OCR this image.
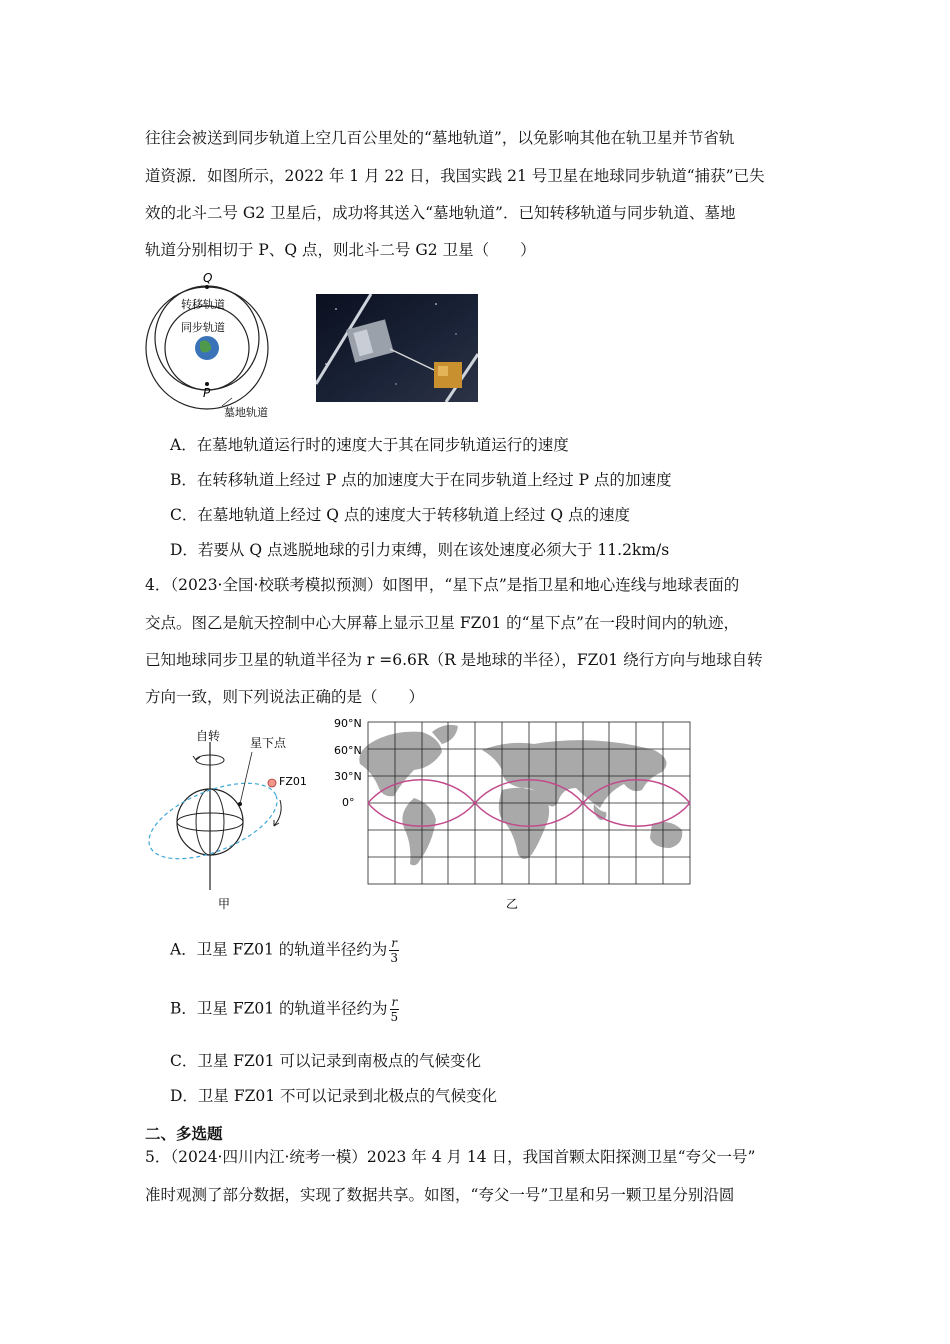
往往会被送到同步轨道上空几百公里处的“墓地轨道”，以免影响其他在轨卫星并节省轨
道资源．如图所示，2022 年 1 月 22 日，我国实践 21 号卫星在地球同步轨道“捕获”已失
效的北斗二号 G2 卫星后，成功将其送入“墓地轨道”．已知转移轨道与同步轨道、墓地
轨道分别相切于 P、Q 点，则北斗二号 G2 卫星（　　）
Q
P
转移轨道
同步轨道
墓地轨道
A．在墓地轨道运行时的速度大于其在同步轨道运行的速度
B．在转移轨道上经过 P 点的加速度大于在同步轨道上经过 P 点的加速度
C．在墓地轨道上经过 Q 点的速度大于转移轨道上经过 Q 点的速度
D．若要从 Q 点逃脱地球的引力束缚，则在该处速度必须大于 11.2km/s
4．（2023·全国·校联考模拟预测）如图甲，“星下点”是指卫星和地心连线与地球表面的
交点。图乙是航天控制中心大屏幕上显示卫星 FZ01 的“星下点”在一段时间内的轨迹，
已知地球同步卫星的轨道半径为 r =6.6R（R 是地球的半径），FZ01 绕行方向与地球自转
方向一致，则下列说法正确的是（　　）
自转
FZ01
星下点
甲
90°N
60°N
30°N
0°
乙
A．卫星 FZ01 的轨道半径约为 $\frac{r}{3}$
B．卫星 FZ01 的轨道半径约为 $\frac{r}{5}$
C．卫星 FZ01 可以记录到南极点的气候变化
D．卫星 FZ01 不可以记录到北极点的气候变化
二、多选题
5．（2024·四川内江·统考一模）2023 年 4 月 14 日，我国首颗太阳探测卫星“夸父一号”
准时观测了部分数据，实现了数据共享。如图，“夸父一号”卫星和另一颗卫星分别沿圆
